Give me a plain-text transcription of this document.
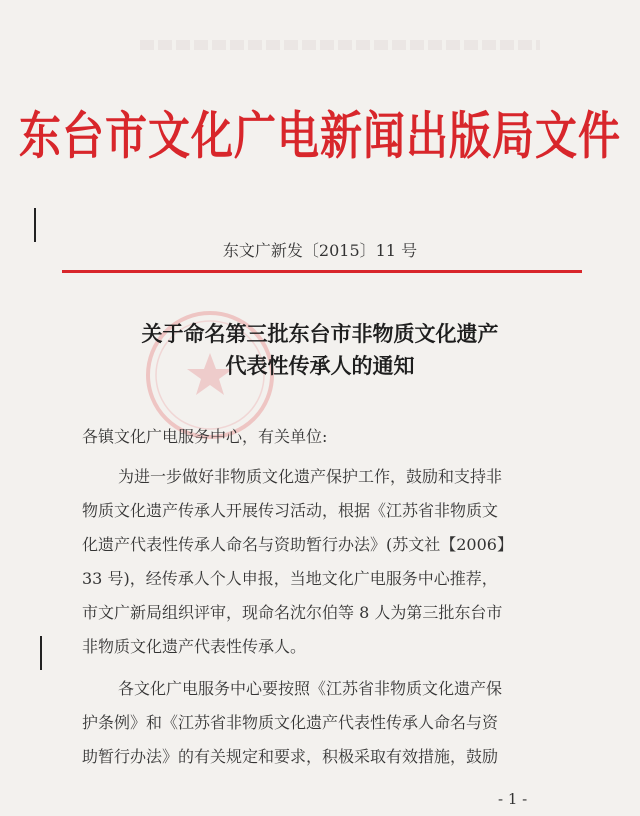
东台市文化广电新闻出版局文件
东文广新发〔2015〕11 号
关于命名第三批东台市非物质文化遗产
代表性传承人的通知
各镇文化广电服务中心，有关单位:
为进一步做好非物质文化遗产保护工作，鼓励和支持非
物质文化遗产传承人开展传习活动，根据《江苏省非物质文
化遗产代表性传承人命名与资助暂行办法》(苏文社【2006】
33 号)，经传承人个人申报，当地文化广电服务中心推荐，
市文广新局组织评审，现命名沈尔伯等 8 人为第三批东台市
非物质文化遗产代表性传承人。
各文化广电服务中心要按照《江苏省非物质文化遗产保
护条例》和《江苏省非物质文化遗产代表性传承人命名与资
助暂行办法》的有关规定和要求，积极采取有效措施，鼓励
- 1 -
